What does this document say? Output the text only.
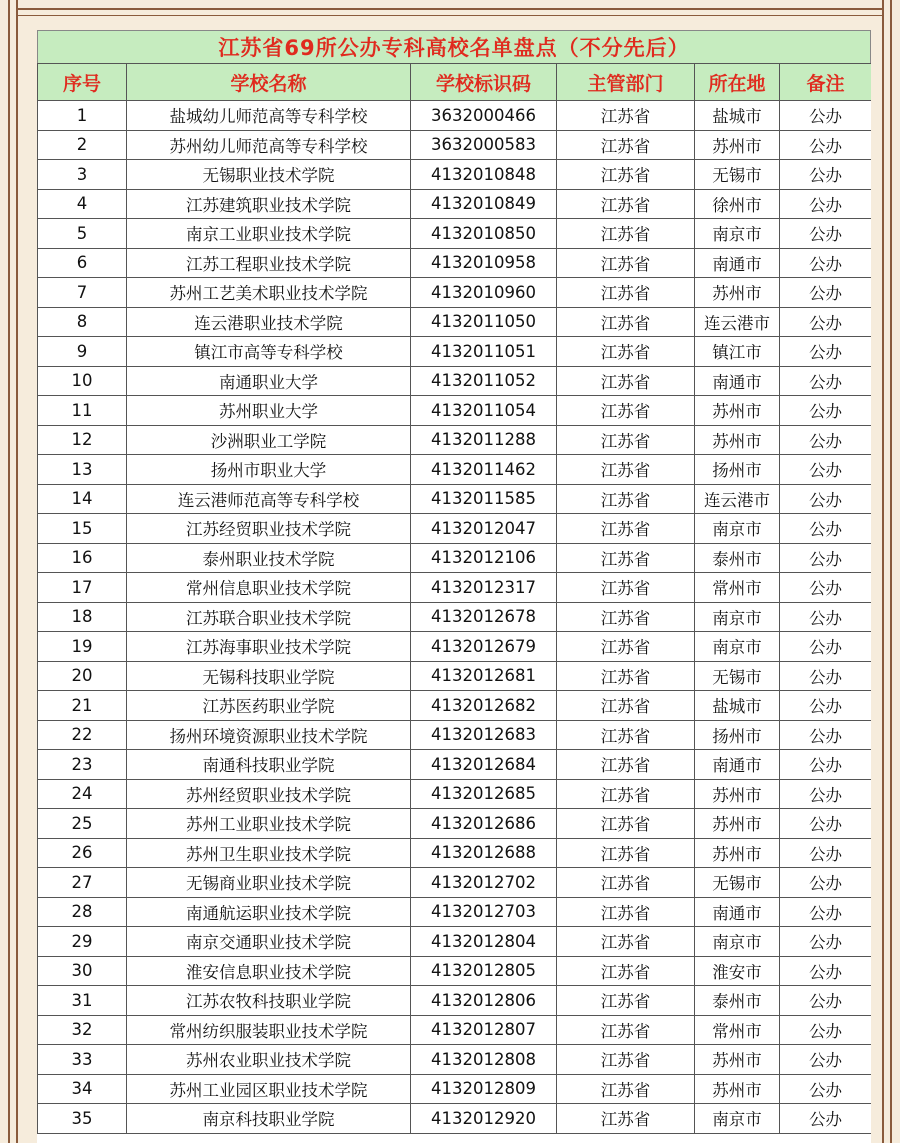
江苏省69所公办专科高校名单盘点（不分先后）
序号	学校名称	学校标识码	主管部门	所在地	备注
1	盐城幼儿师范高等专科学校	3632000466	江苏省	盐城市	公办
2	苏州幼儿师范高等专科学校	3632000583	江苏省	苏州市	公办
3	无锡职业技术学院	4132010848	江苏省	无锡市	公办
4	江苏建筑职业技术学院	4132010849	江苏省	徐州市	公办
5	南京工业职业技术学院	4132010850	江苏省	南京市	公办
6	江苏工程职业技术学院	4132010958	江苏省	南通市	公办
7	苏州工艺美术职业技术学院	4132010960	江苏省	苏州市	公办
8	连云港职业技术学院	4132011050	江苏省	连云港市	公办
9	镇江市高等专科学校	4132011051	江苏省	镇江市	公办
10	南通职业大学	4132011052	江苏省	南通市	公办
11	苏州职业大学	4132011054	江苏省	苏州市	公办
12	沙洲职业工学院	4132011288	江苏省	苏州市	公办
13	扬州市职业大学	4132011462	江苏省	扬州市	公办
14	连云港师范高等专科学校	4132011585	江苏省	连云港市	公办
15	江苏经贸职业技术学院	4132012047	江苏省	南京市	公办
16	泰州职业技术学院	4132012106	江苏省	泰州市	公办
17	常州信息职业技术学院	4132012317	江苏省	常州市	公办
18	江苏联合职业技术学院	4132012678	江苏省	南京市	公办
19	江苏海事职业技术学院	4132012679	江苏省	南京市	公办
20	无锡科技职业学院	4132012681	江苏省	无锡市	公办
21	江苏医药职业学院	4132012682	江苏省	盐城市	公办
22	扬州环境资源职业技术学院	4132012683	江苏省	扬州市	公办
23	南通科技职业学院	4132012684	江苏省	南通市	公办
24	苏州经贸职业技术学院	4132012685	江苏省	苏州市	公办
25	苏州工业职业技术学院	4132012686	江苏省	苏州市	公办
26	苏州卫生职业技术学院	4132012688	江苏省	苏州市	公办
27	无锡商业职业技术学院	4132012702	江苏省	无锡市	公办
28	南通航运职业技术学院	4132012703	江苏省	南通市	公办
29	南京交通职业技术学院	4132012804	江苏省	南京市	公办
30	淮安信息职业技术学院	4132012805	江苏省	淮安市	公办
31	江苏农牧科技职业学院	4132012806	江苏省	泰州市	公办
32	常州纺织服装职业技术学院	4132012807	江苏省	常州市	公办
33	苏州农业职业技术学院	4132012808	江苏省	苏州市	公办
34	苏州工业园区职业技术学院	4132012809	江苏省	苏州市	公办
35	南京科技职业学院	4132012920	江苏省	南京市	公办
